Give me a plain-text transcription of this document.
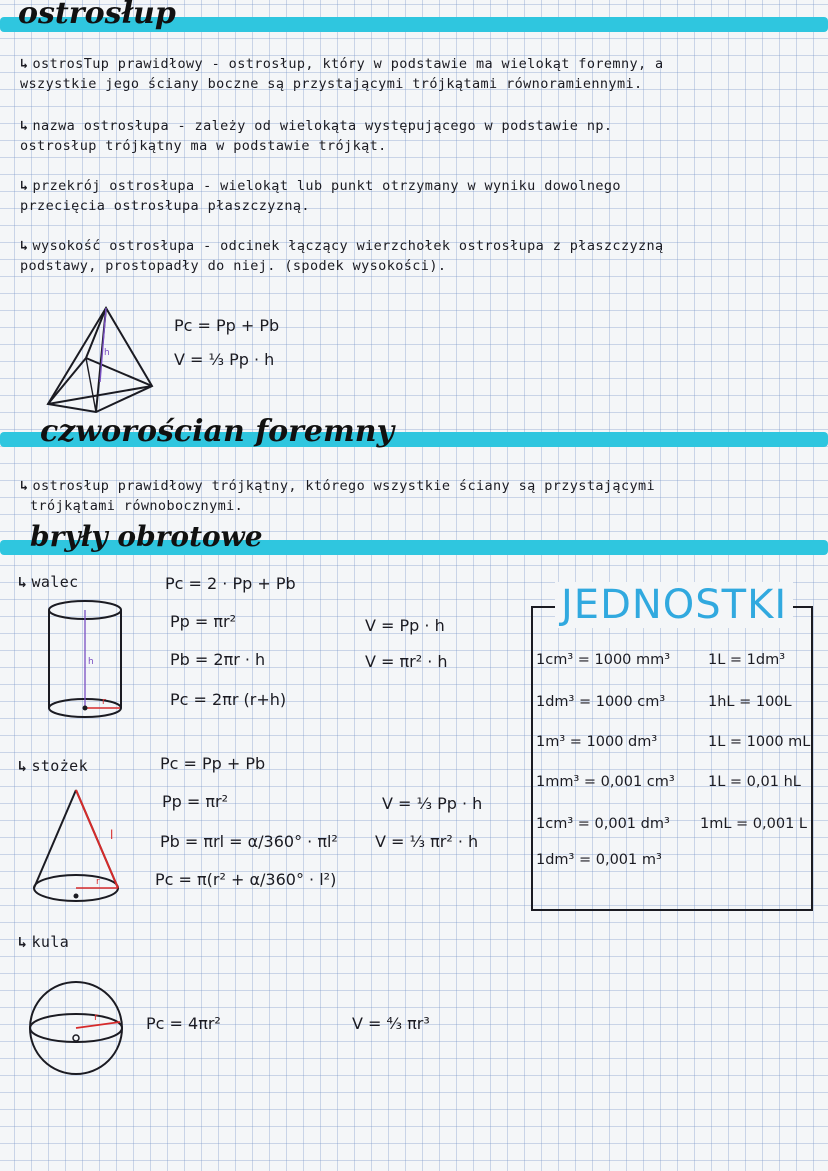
ostrosłup
↳ ostrosTup prawidłowy - ostrosłup, który w podstawie ma wielokąt foremny, a
wszystkie jego ściany boczne są przystającymi trójkątami równoramiennymi.
↳ nazwa ostrosłupa - zależy od wielokąta występującego w podstawie np.
ostrosłup trójkątny ma w podstawie trójkąt.
↳ przekrój ostrosłupa - wielokąt lub punkt otrzymany w wyniku dowolnego
przecięcia ostrosłupa płaszczyzną.
↳ wysokość ostrosłupa - odcinek łączący wierzchołek ostrosłupa z płaszczyzną
podstawy, prostopadły do niej. (spodek wysokości).
h
Pc = Pp + Pb
V = ⅓ Pp · h
czworościan foremny
↳ ostrosłup prawidłowy trójkątny, którego wszystkie ściany są przystającymi
trójkątami równobocznymi.
bryły obrotowe
↳ walec
h
r
Pc = 2 · Pp + Pb
Pp = πr²
Pb = 2πr · h
Pc = 2πr (r+h)
V = Pp · h
V = πr² · h
↳ stożek
l
r
Pc = Pp + Pb
Pp = πr²
Pb = πrl = α/360° · πl²
Pc = π(r² + α/360° · l²)
V = ⅓ Pp · h
V = ⅓ πr² · h
↳ kula
r	Pc = 4πr²	V = ⁴⁄₃ πr³
JEDNOSTKI
1cm³ = 1000 mm³	1L = 1dm³
1dm³ = 1000 cm³	1hL = 100L
1m³ = 1000 dm³	1L = 1000 mL
1mm³ = 0,001 cm³ 1L = 0,01 hL
1cm³ = 0,001 dm³ 1mL = 0,001 L
1dm³ = 0,001 m³
